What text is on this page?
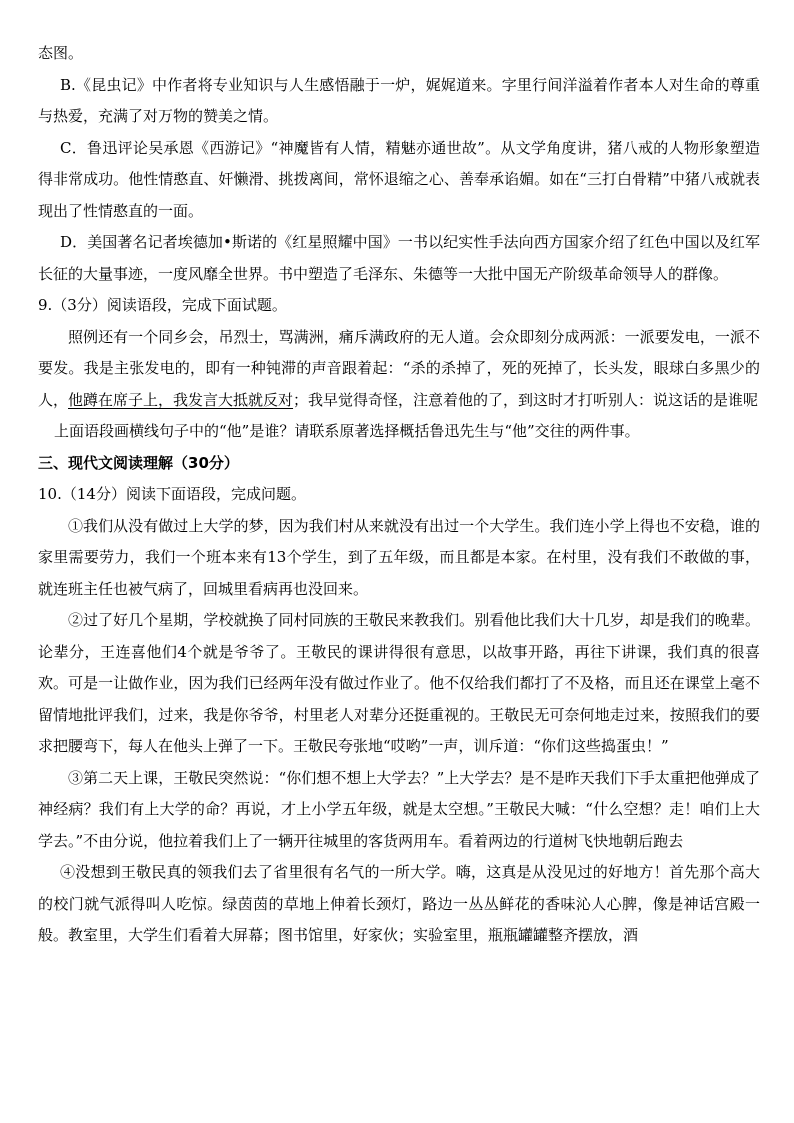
态图。

B.《昆虫记》中作者将专业知识与人生感悟融于一炉，娓娓道来。字里行间洋溢着作者本人对生命的尊重与热爱，充满了对万物的赞美之情。

C．鲁迅评论吴承恩《西游记》“神魔皆有人情，精魅亦通世故”。从文学角度讲，猪八戒的人物形象塑造得非常成功。他性情憨直、奸懒滑、挑拨离间，常怀退缩之心、善奉承谄媚。如在“三打白骨精”中猪八戒就表现出了性情憨直的一面。

D．美国著名记者埃德加•斯诺的《红星照耀中国》一书以纪实性手法向西方国家介绍了红色中国以及红军长征的大量事迹，一度风靡全世界。书中塑造了毛泽东、朱德等一大批中国无产阶级革命领导人的群像。

9.（3分）阅读语段，完成下面试题。

照例还有一个同乡会，吊烈士，骂满洲，痛斥满政府的无人道。会众即刻分成两派：一派要发电，一派不要发。我是主张发电的，即有一种钝滞的声音跟着起：“杀的杀掉了，死的死掉了，长头发，眼球白多黑少的人，他蹲在席子上，我发言大抵就反对；我早觉得奇怪，注意着他的了，到这时才打听别人：说这话的是谁呢

上面语段画横线句子中的“他”是谁？请联系原著选择概括鲁迅先生与“他”交往的两件事。

三、现代文阅读理解（30分）

10.（14分）阅读下面语段，完成问题。

①我们从没有做过上大学的梦，因为我们村从来就没有出过一个大学生。我们连小学上得也不安稳，谁的家里需要劳力，我们一个班本来有13个学生，到了五年级，而且都是本家。在村里，没有我们不敢做的事，就连班主任也被气病了，回城里看病再也没回来。

②过了好几个星期，学校就换了同村同族的王敬民来教我们。别看他比我们大十几岁，却是我们的晚辈。论辈分，王连喜他们4个就是爷爷了。王敬民的课讲得很有意思，以故事开路，再往下讲课，我们真的很喜欢。可是一让做作业，因为我们已经两年没有做过作业了。他不仅给我们都打了不及格，而且还在课堂上毫不留情地批评我们，过来，我是你爷爷，村里老人对辈分还挺重视的。王敬民无可奈何地走过来，按照我们的要求把腰弯下，每人在他头上弹了一下。王敬民夸张地“哎哟”一声，训斥道：“你们这些捣蛋虫！”

③第二天上课，王敬民突然说：“你们想不想上大学去？”上大学去？是不是昨天我们下手太重把他弹成了神经病？我们有上大学的命？再说，才上小学五年级，就是太空想。”王敬民大喊：“什么空想？走！咱们上大学去。”不由分说，他拉着我们上了一辆开往城里的客货两用车。看着两边的行道树飞快地朝后跑去

④没想到王敬民真的领我们去了省里很有名气的一所大学。嗨，这真是从没见过的好地方！首先那个高大的校门就气派得叫人吃惊。绿茵茵的草地上伸着长颈灯，路边一丛丛鲜花的香味沁人心脾，像是神话宫殿一般。教室里，大学生们看着大屏幕；图书馆里，好家伙；实验室里，瓶瓶罐罐整齐摆放，酒
